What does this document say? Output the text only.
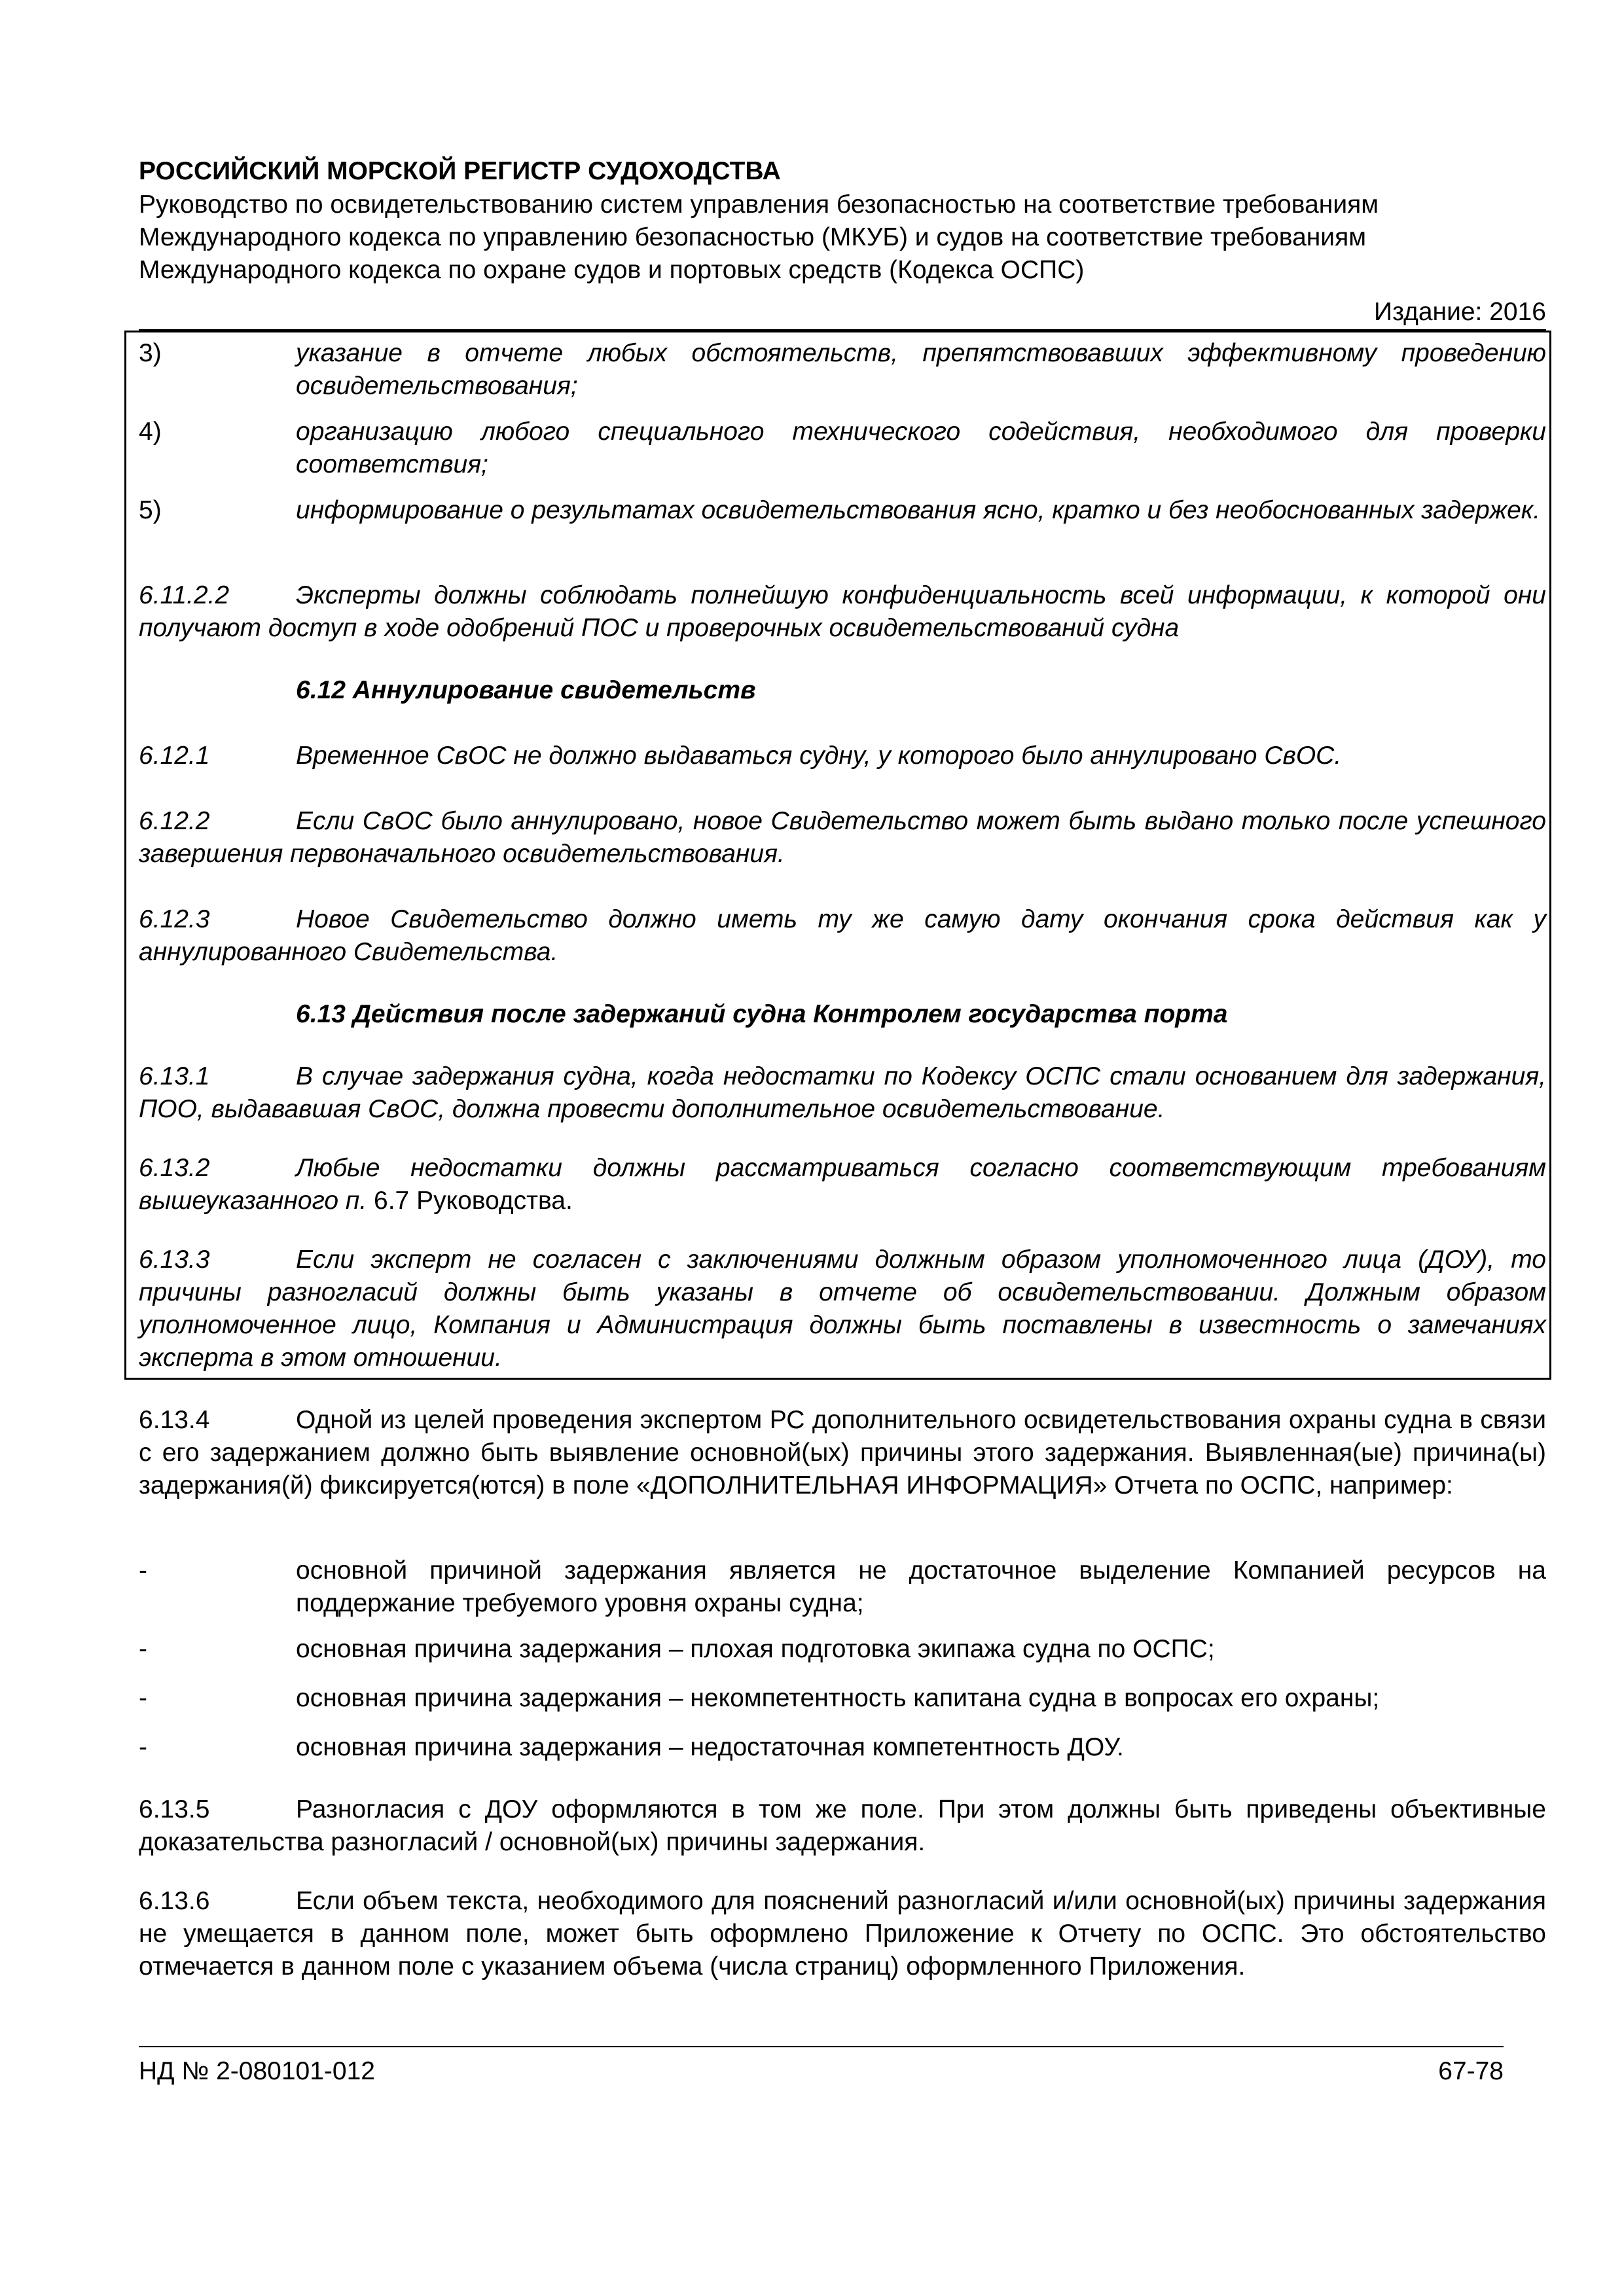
РОССИЙСКИЙ МОРСКОЙ РЕГИСТР СУДОХОДСТВА
Руководство по освидетельствованию систем управления безопасностью на соответствие требованиям
Международного кодекса по управлению безопасностью (МКУБ) и судов на соответствие требованиям
Международного кодекса по охране судов и портовых средств (Кодекса ОСПС)
Издание: 2016
3)	указание в отчете любых обстоятельств, препятствовавших эффективному проведению освидетельствования;
4)	организацию любого специального технического содействия, необходимого для проверки соответствия;
5)	информирование о результатах освидетельствования ясно, кратко и без необоснованных задержек.
6.11.2.2	Эксперты должны соблюдать полнейшую конфиденциальность всей информации, к которой они получают доступ в ходе одобрений ПОС и проверочных освидетельствований судна
6.12 Аннулирование свидетельств
6.12.1	Временное СвОС не должно выдаваться судну, у которого было аннулировано СвОС.
6.12.2	Если СвОС было аннулировано, новое Свидетельство может быть выдано только после успешного завершения первоначального освидетельствования.
6.12.3	Новое Свидетельство должно иметь ту же самую дату окончания срока действия как у аннулированного Свидетельства.
6.13 Действия после задержаний судна Контролем государства порта
6.13.1	В случае задержания судна, когда недостатки по Кодексу ОСПС стали основанием для задержания, ПОО, выдававшая СвОС, должна провести дополнительное освидетельствование.
6.13.2	Любые недостатки должны рассматриваться согласно соответствующим требованиям вышеуказанного п. 6.7 Руководства.
6.13.3	Если эксперт не согласен с заключениями должным образом уполномоченного лица (ДОУ), то причины разногласий должны быть указаны в отчете об освидетельствовании. Должным образом уполномоченное лицо, Компания и Администрация должны быть поставлены в известность о замечаниях эксперта в этом отношении.
6.13.4	Одной из целей проведения экспертом РС дополнительного освидетельствования охраны судна в связи с его задержанием должно быть выявление основной(ых) причины этого задержания. Выявленная(ые) причина(ы) задержания(й) фиксируется(ются) в поле «ДОПОЛНИТЕЛЬНАЯ ИНФОРМАЦИЯ» Отчета по ОСПС, например:
-	основной причиной задержания является не достаточное выделение Компанией ресурсов на поддержание требуемого уровня охраны судна;
-	основная причина задержания – плохая подготовка экипажа судна по ОСПС;
-	основная причина задержания – некомпетентность капитана судна в вопросах его охраны;
-	основная причина задержания – недостаточная компетентность ДОУ.
6.13.5	Разногласия с ДОУ оформляются в том же поле. При этом должны быть приведены объективные доказательства разногласий / основной(ых) причины задержания.
6.13.6	Если объем текста, необходимого для пояснений разногласий и/или основной(ых) причины задержания не умещается в данном поле, может быть оформлено Приложение к Отчету по ОСПС. Это обстоятельство отмечается в данном поле с указанием объема (числа страниц) оформленного Приложения.
НД № 2-080101-012	67-78
